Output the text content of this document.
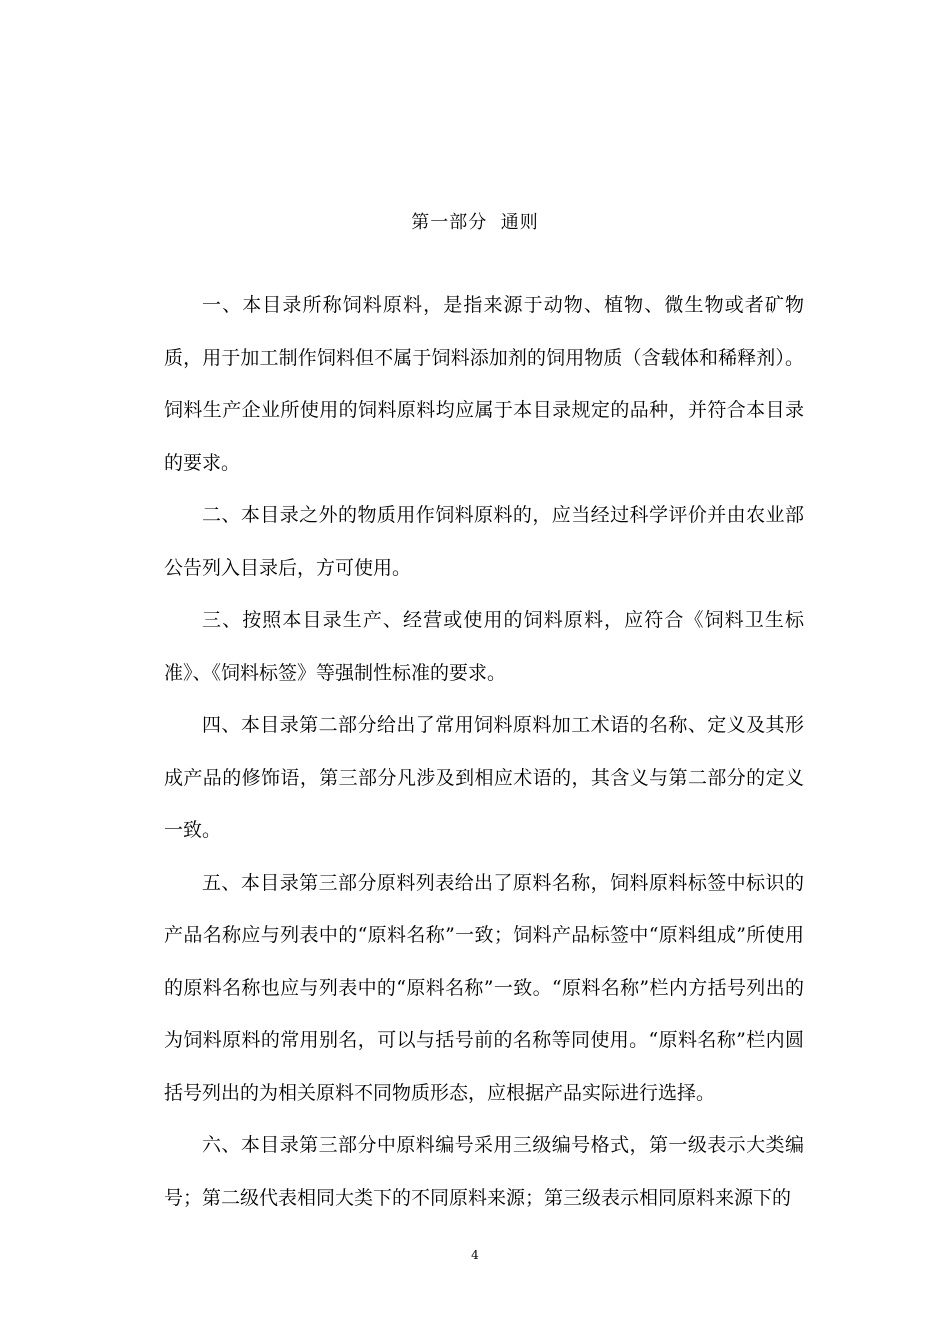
第一部分  通则

一、本目录所称饲料原料，是指来源于动物、植物、微生物或者矿物质，用于加工制作饲料但不属于饲料添加剂的饲用物质（含载体和稀释剂）。饲料生产企业所使用的饲料原料均应属于本目录规定的品种，并符合本目录的要求。

二、本目录之外的物质用作饲料原料的，应当经过科学评价并由农业部公告列入目录后，方可使用。

三、按照本目录生产、经营或使用的饲料原料，应符合《饲料卫生标准》、《饲料标签》等强制性标准的要求。

四、本目录第二部分给出了常用饲料原料加工术语的名称、定义及其形成产品的修饰语，第三部分凡涉及到相应术语的，其含义与第二部分的定义一致。

五、本目录第三部分原料列表给出了原料名称，饲料原料标签中标识的产品名称应与列表中的“原料名称”一致；饲料产品标签中“原料组成”所使用的原料名称也应与列表中的“原料名称”一致。“原料名称”栏内方括号列出的为饲料原料的常用别名，可以与括号前的名称等同使用。“原料名称”栏内圆括号列出的为相关原料不同物质形态，应根据产品实际进行选择。

六、本目录第三部分中原料编号采用三级编号格式，第一级表示大类编号；第二级代表相同大类下的不同原料来源；第三级表示相同原料来源下的

4
